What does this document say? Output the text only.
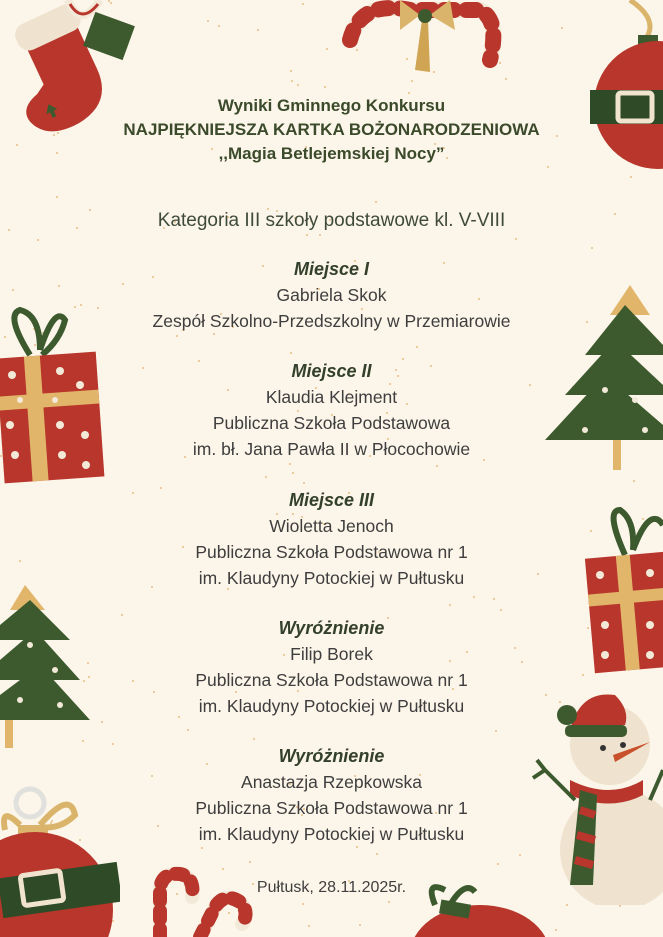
Wyniki Gminnego Konkursu
NAJPIĘKNIEJSZA KARTKA BOŻONARODZENIOWA
,,Magia Betlejemskiej Nocy”
Kategoria III szkoły podstawowe kl. V-VIII
Miejsce I
Gabriela Skok
Zespół Szkolno-Przedszkolny w Przemiarowie
Miejsce II
Klaudia Klejment
Publiczna Szkoła Podstawowa
im. bł. Jana Pawła II w Płocochowie
Miejsce III
Wioletta Jenoch
Publiczna Szkoła Podstawowa nr 1
im. Klaudyny Potockiej w Pułtusku
Wyróżnienie
Filip Borek
Publiczna Szkoła Podstawowa nr 1
im. Klaudyny Potockiej w Pułtusku
Wyróżnienie
Anastazja Rzepkowska
Publiczna Szkoła Podstawowa nr 1
im. Klaudyny Potockiej w Pułtusku
Pułtusk, 28.11.2025r.
